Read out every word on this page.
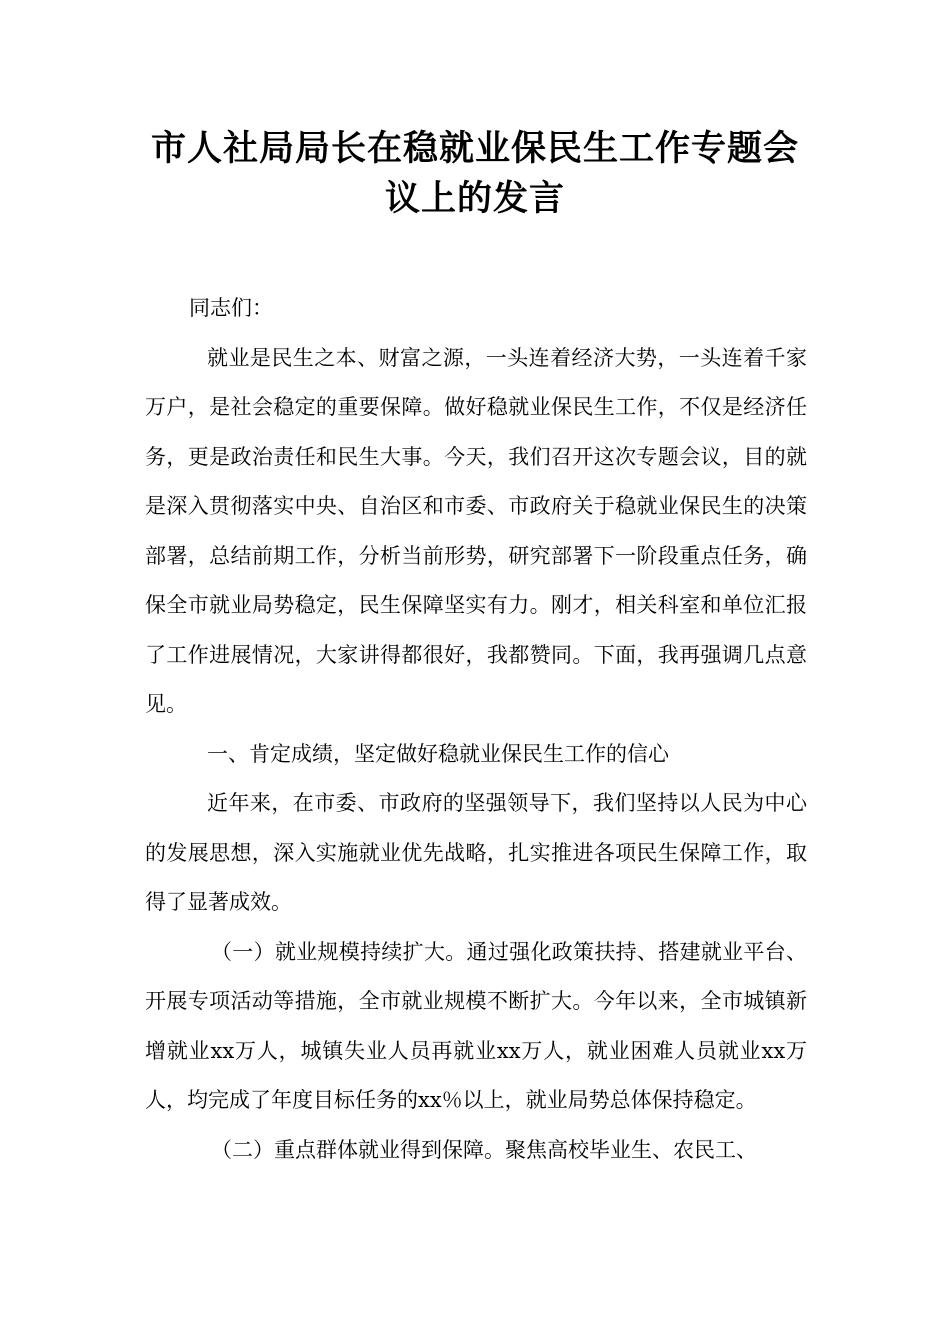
市人社局局长在稳就业保民生工作专题会
议上的发言

同志们：

就业是民生之本、财富之源，一头连着经济大势，一头连着千家万户，是社会稳定的重要保障。做好稳就业保民生工作，不仅是经济任务，更是政治责任和民生大事。今天，我们召开这次专题会议，目的就是深入贯彻落实中央、自治区和市委、市政府关于稳就业保民生的决策部署，总结前期工作，分析当前形势，研究部署下一阶段重点任务，确保全市就业局势稳定，民生保障坚实有力。刚才，相关科室和单位汇报了工作进展情况，大家讲得都很好，我都赞同。下面，我再强调几点意见。

一、肯定成绩，坚定做好稳就业保民生工作的信心

近年来，在市委、市政府的坚强领导下，我们坚持以人民为中心的发展思想，深入实施就业优先战略，扎实推进各项民生保障工作，取得了显著成效。

（一）就业规模持续扩大。通过强化政策扶持、搭建就业平台、开展专项活动等措施，全市就业规模不断扩大。今年以来，全市城镇新增就业xx万人，城镇失业人员再就业xx万人，就业困难人员就业xx万人，均完成了年度目标任务的xx％以上，就业局势总体保持稳定。

（二）重点群体就业得到保障。聚焦高校毕业生、农民工、
